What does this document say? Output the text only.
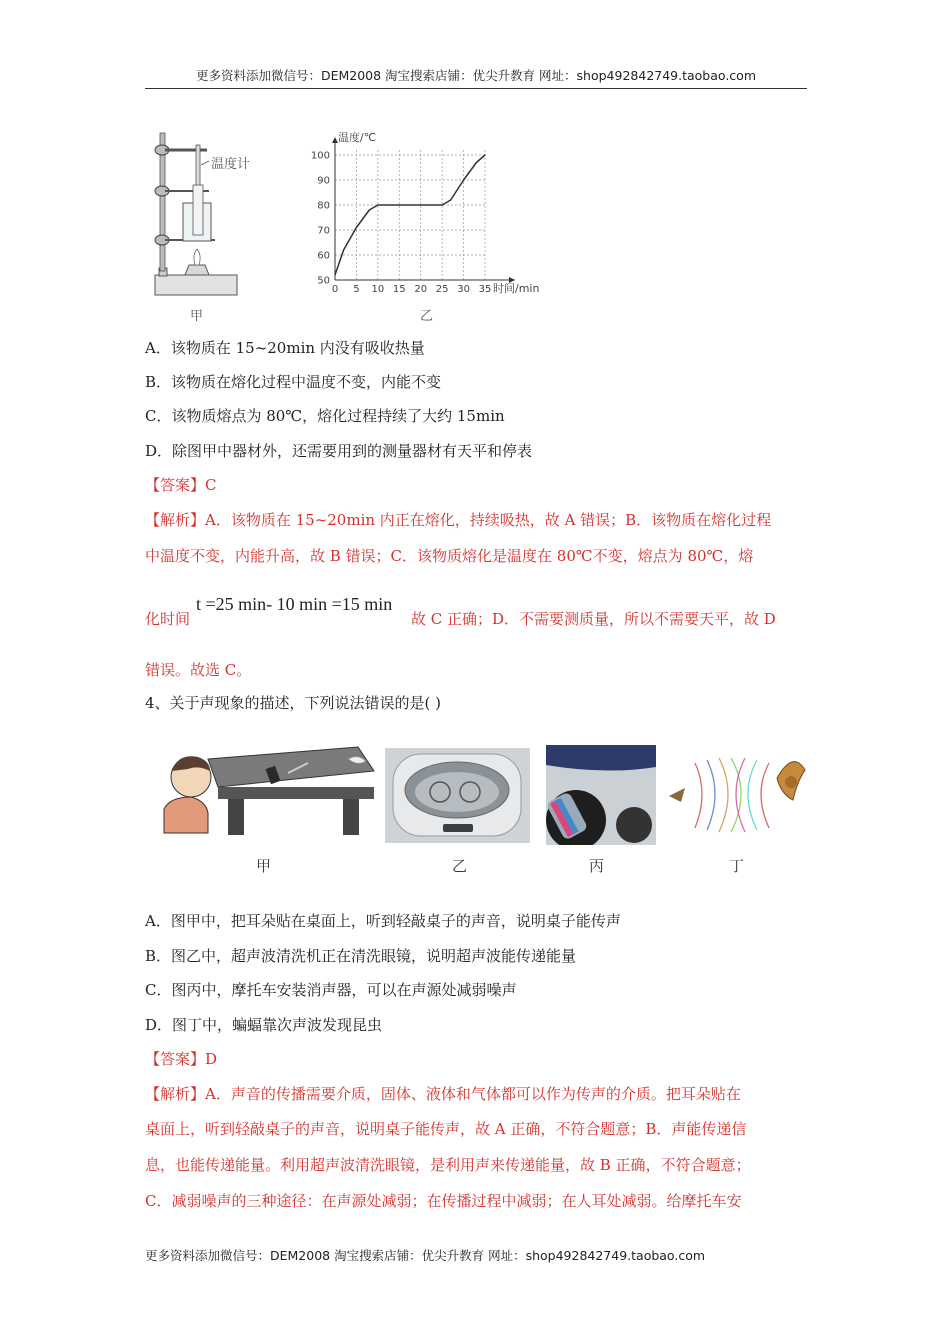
更多资料添加微信号：DEM2008 淘宝搜索店铺：优尖升教育 网址：shop492842749.taobao.com
温度计
甲
0 5 10 15 20 25 30 35
50
60
70
80
90
100
温度/℃
时间/min
乙
A．该物质在 15~20min 内没有吸收热量
B．该物质在熔化过程中温度不变，内能不变
C．该物质熔点为 80℃，熔化过程持续了大约 15min
D．除图甲中器材外，还需要用到的测量器材有天平和停表
【答案】C
【解析】A．该物质在 15~20min 内正在熔化，持续吸热，故 A 错误；B．该物质在熔化过程
中温度不变，内能升高，故 B 错误；C．该物质熔化是温度在 80℃不变，熔点为 80℃，熔
化时间
t =25 min- 10 min =15 min
故 C 正确；D．不需要测质量，所以不需要天平，故 D
错误。故选 C。
4、关于声现象的描述，下列说法错误的是( )
甲	乙	丙	丁
A．图甲中，把耳朵贴在桌面上，听到轻敲桌子的声音，说明桌子能传声
B．图乙中，超声波清洗机正在清洗眼镜，说明超声波能传递能量
C．图丙中，摩托车安装消声器，可以在声源处减弱噪声
D．图丁中，蝙蝠靠次声波发现昆虫
【答案】D
【解析】A．声音的传播需要介质，固体、液体和气体都可以作为传声的介质。把耳朵贴在
桌面上，听到轻敲桌子的声音，说明桌子能传声，故 A 正确，不符合题意；B．声能传递信
息，也能传递能量。利用超声波清洗眼镜，是利用声来传递能量，故 B 正确，不符合题意；
C．减弱噪声的三种途径：在声源处减弱；在传播过程中减弱；在人耳处减弱。给摩托车安
更多资料添加微信号：DEM2008 淘宝搜索店铺：优尖升教育 网址：shop492842749.taobao.com
